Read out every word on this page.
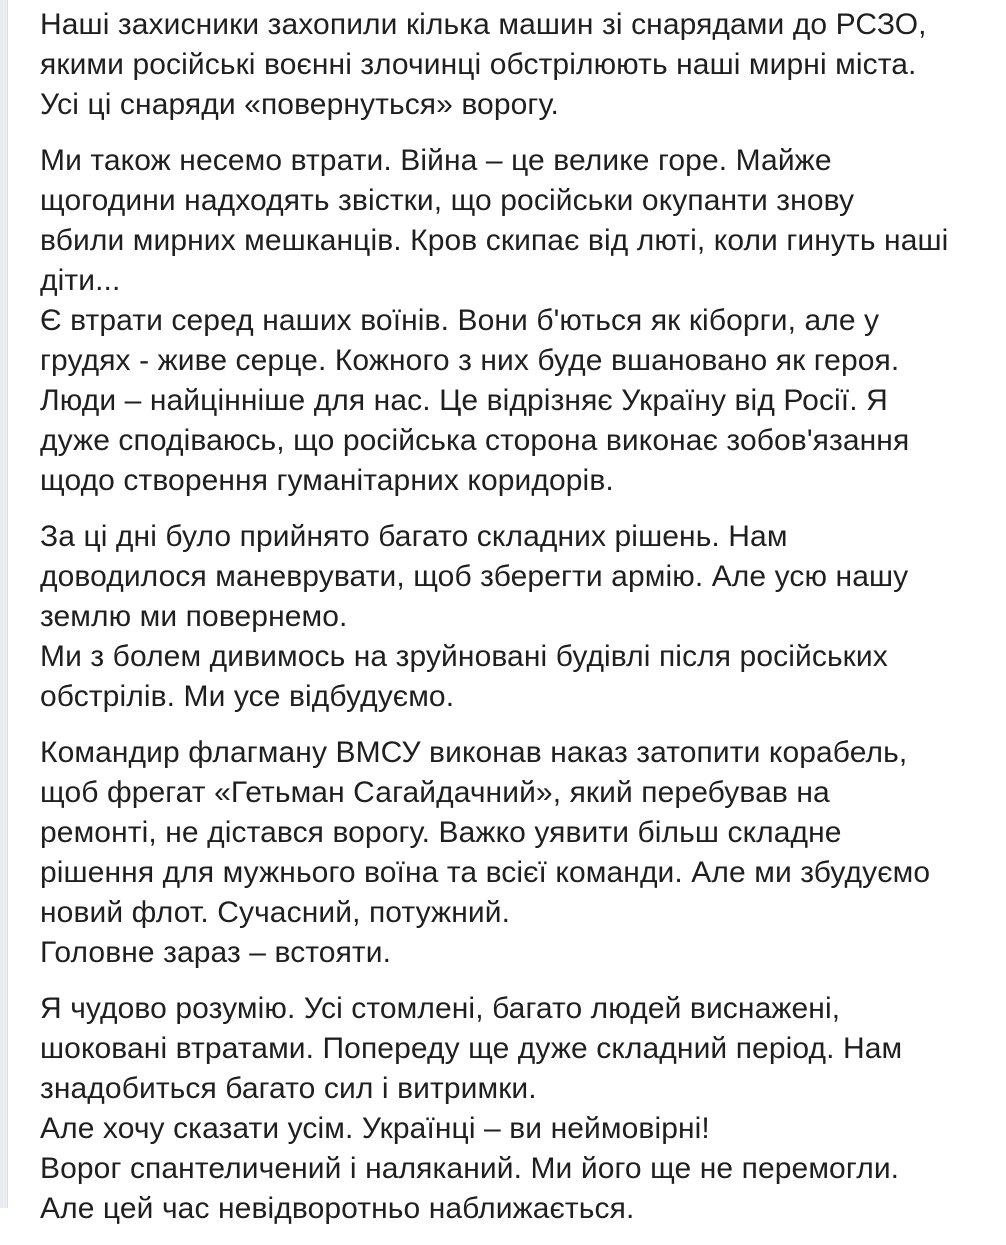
Наші захисники захопили кілька машин зі снарядами до РСЗО,
якими російські воєнні злочинці обстрілюють наші мирні міста.
Усі ці снаряди «повернуться» ворогу.

Ми також несемо втрати. Війна – це велике горе. Майже
щогодини надходять звістки, що російськи окупанти знову
вбили мирних мешканців. Кров скипає від люті, коли гинуть наші
діти...
Є втрати серед наших воїнів. Вони б'ються як кіборги, але у
грудях - живе серце. Кожного з них буде вшановано як героя.
Люди – найцінніше для нас. Це відрізняє Україну від Росії. Я
дуже сподіваюсь, що російська сторона виконає зобов'язання
щодо створення гуманітарних коридорів.

За ці дні було прийнято багато складних рішень. Нам
доводилося маневрувати, щоб зберегти армію. Але усю нашу
землю ми повернемо.
Ми з болем дивимось на зруйновані будівлі після російських
обстрілів. Ми усе відбудуємо.

Командир флагману ВМСУ виконав наказ затопити корабель,
щоб фрегат «Гетьман Сагайдачний», який перебував на
ремонті, не дістався ворогу. Важко уявити більш складне
рішення для мужнього воїна та всієї команди. Але ми збудуємо
новий флот. Сучасний, потужний.
Головне зараз – встояти.

Я чудово розумію. Усі стомлені, багато людей виснажені,
шоковані втратами. Попереду ще дуже складний період. Нам
знадобиться багато сил і витримки.
Але хочу сказати усім. Українці – ви неймовірні!
Ворог спантеличений і наляканий. Ми його ще не перемогли.
Але цей час невідворотньо наближається.
